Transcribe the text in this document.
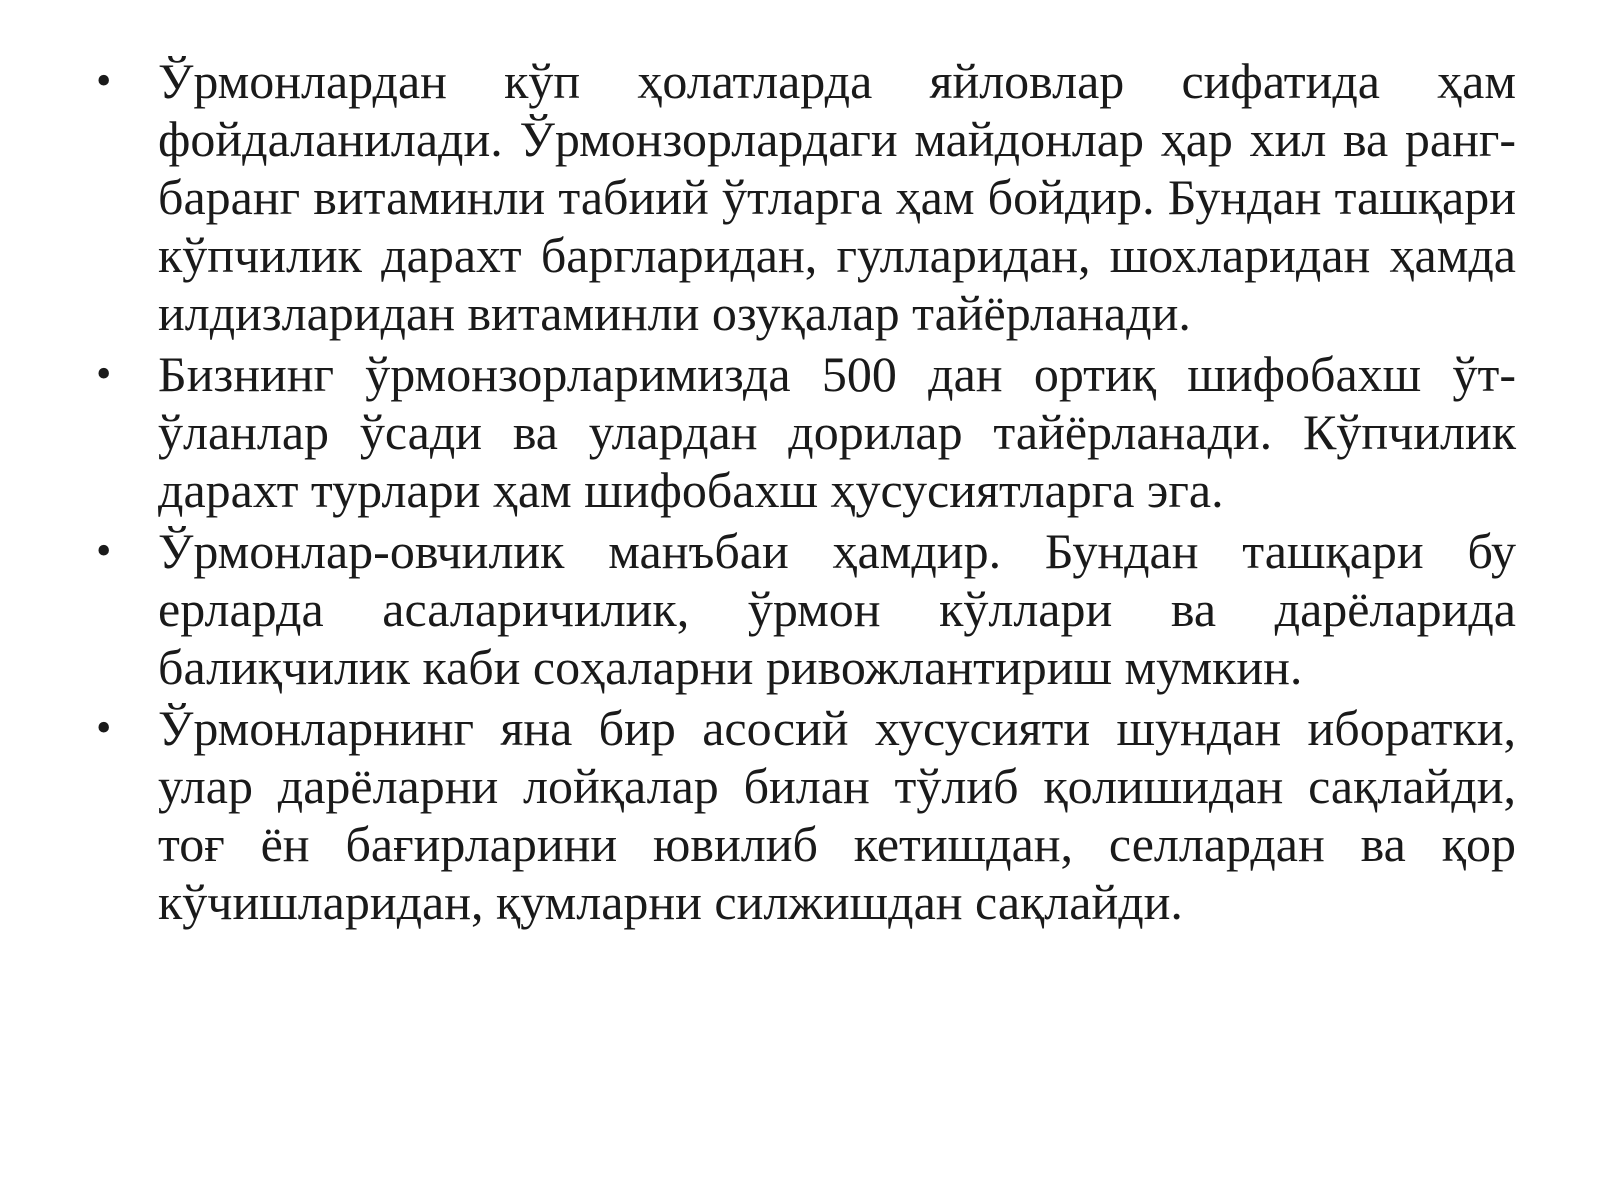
• Ўрмонлардан кўп ҳолатларда яйловлар сифатида ҳам фойдаланилади. Ўрмонзорлардаги майдонлар ҳар хил ва ранг-баранг витаминли табиий ўтларга ҳам бойдир. Бундан ташқари кўпчилик дарахт баргларидан, гулларидан, шохларидан ҳамда илдизларидан витаминли озуқалар тайёрланади.
• Бизнинг ўрмонзорларимизда 500 дан ортиқ шифобахш ўт-ўланлар ўсади ва улардан дорилар тайёрланади. Кўпчилик дарахт турлари ҳам шифобахш ҳусусиятларга эга.
• Ўрмонлар-овчилик манъбаи ҳамдир. Бундан ташқари бу ерларда асаларичилик, ўрмон кўллари ва дарёларида балиқчилик каби соҳаларни ривожлантириш мумкин.
• Ўрмонларнинг яна бир асосий хусусияти шундан иборатки, улар дарёларни лойқалар билан тўлиб қолишидан сақлайди, тоғ ён бағирларини ювилиб кетишдан, селлардан ва қор кўчишларидан, қумларни силжишдан сақлайди.
